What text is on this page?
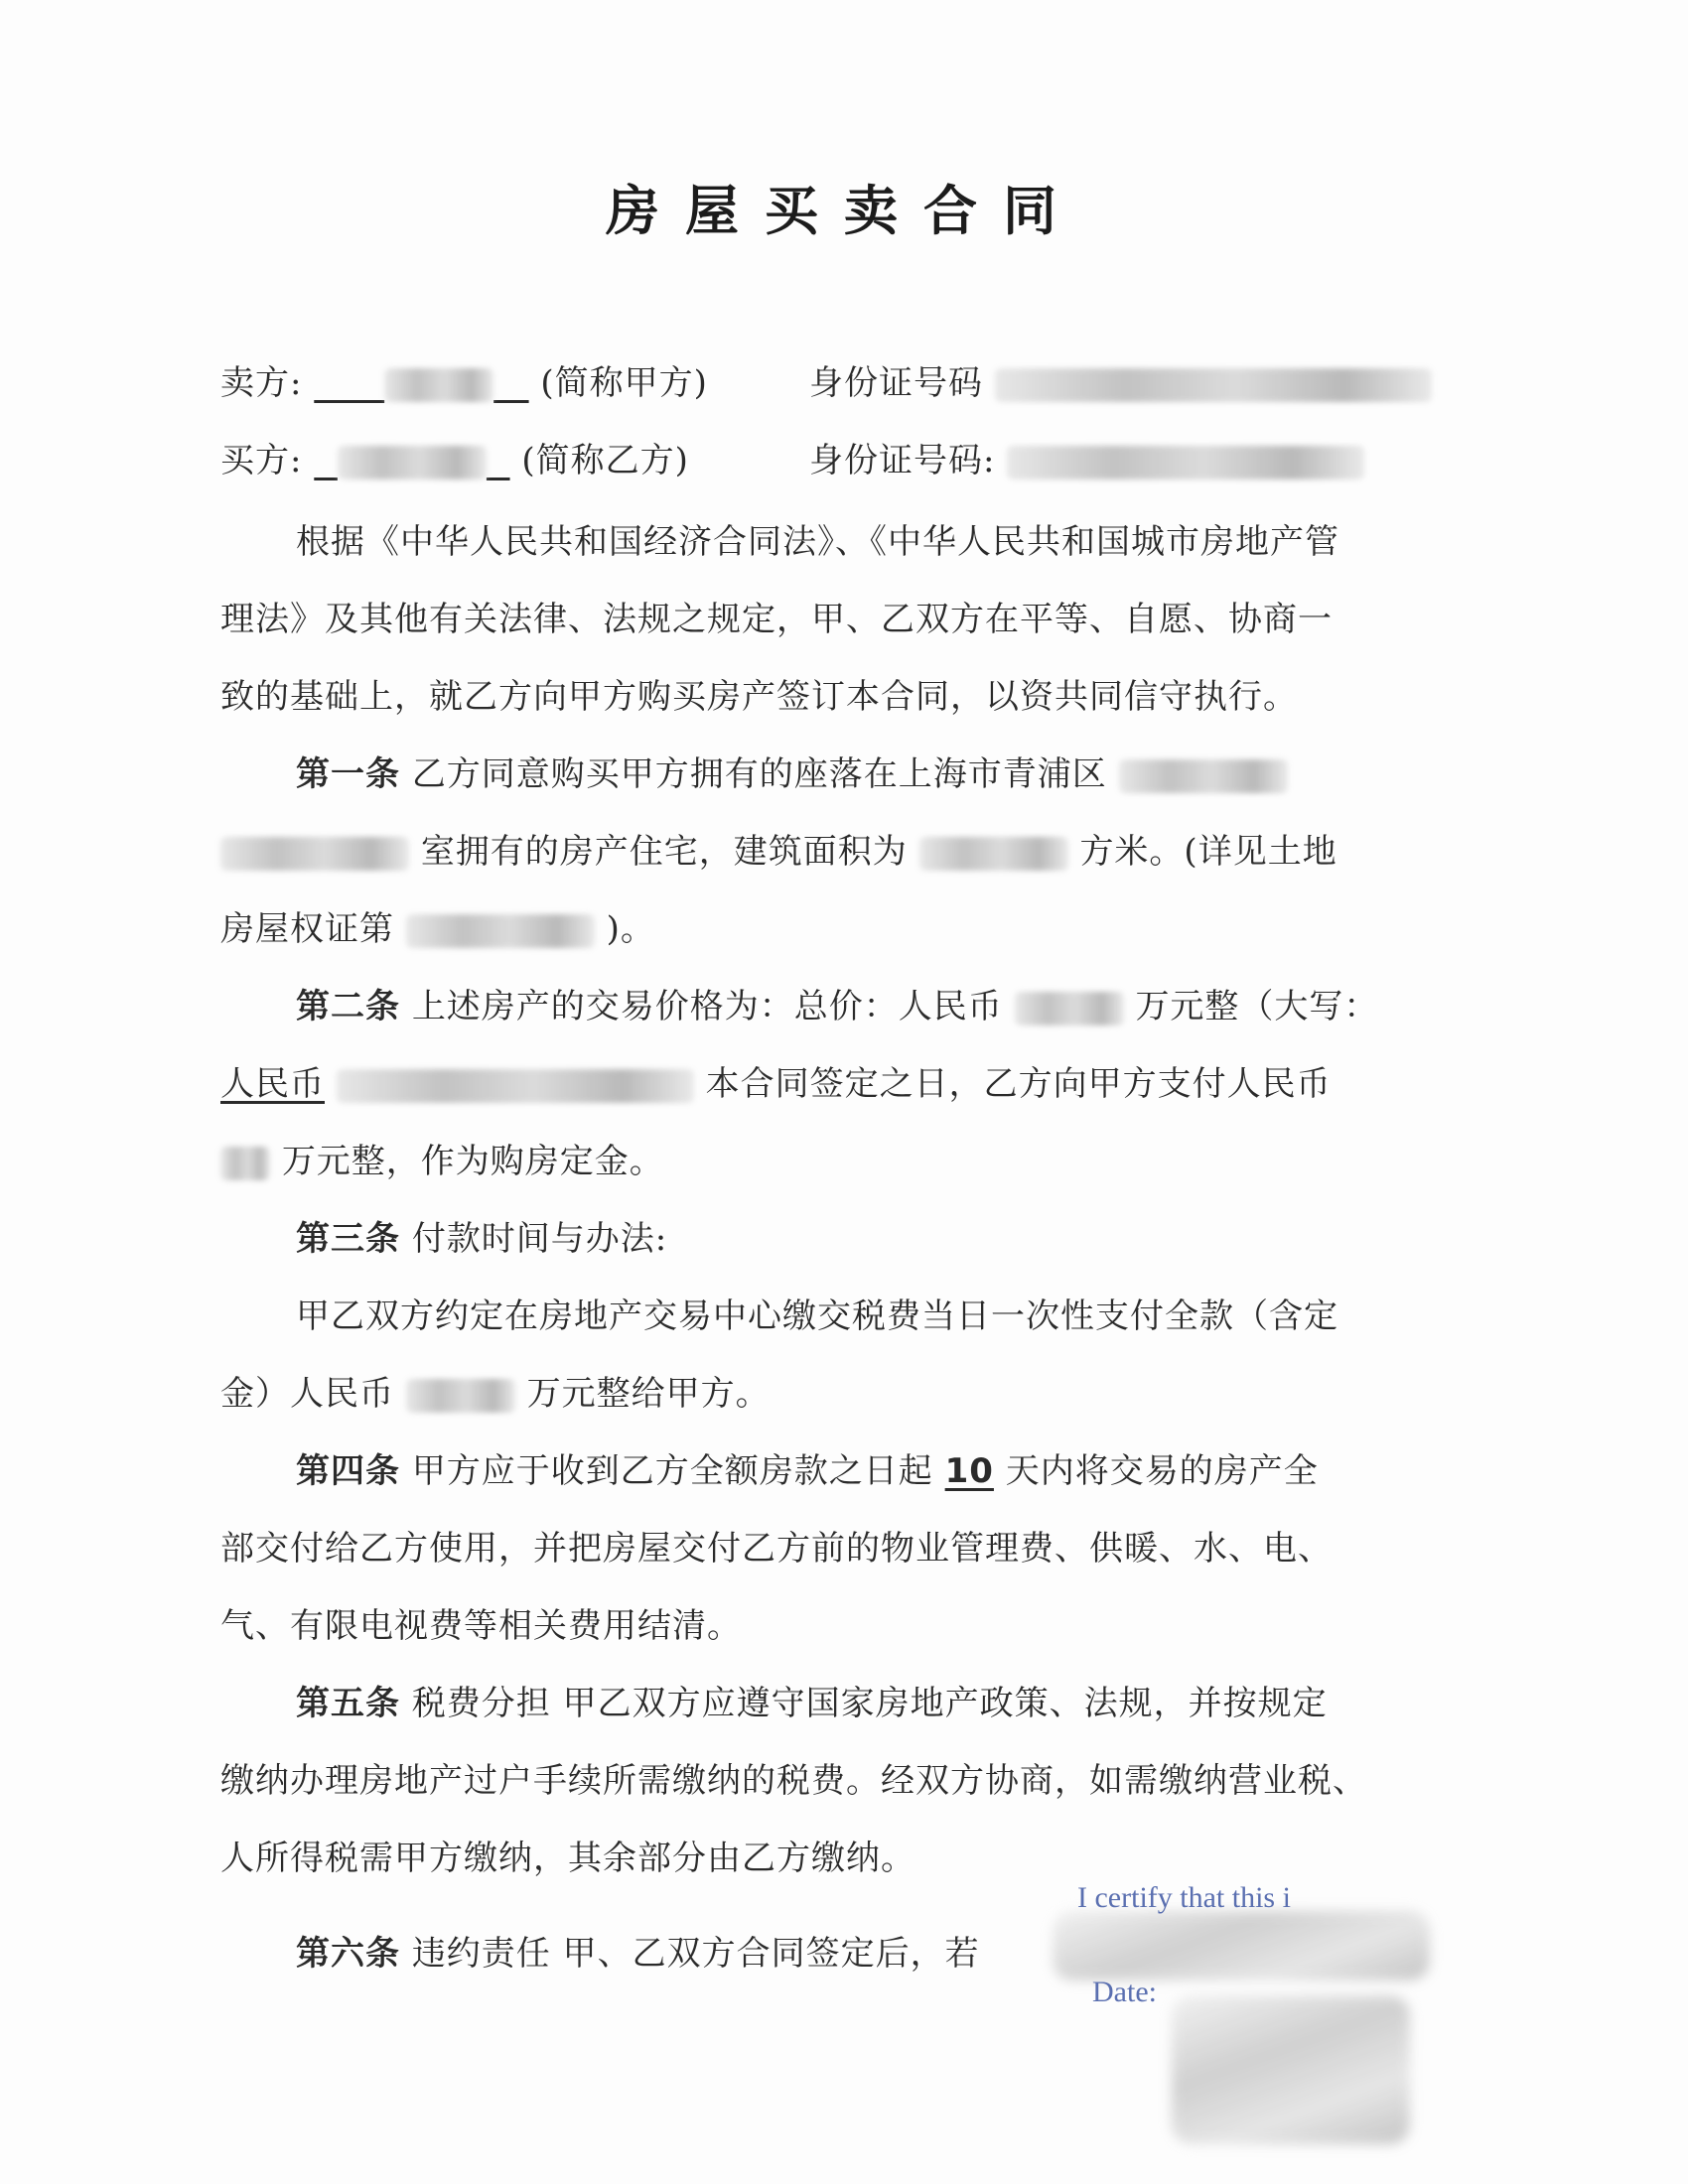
房屋买卖合同
卖方:	(简称甲方)	身份证号码
买方:	(简称乙方)	身份证号码:
根据《中华人民共和国经济合同法》、《中华人民共和国城市房地产管
理法》及其他有关法律、法规之规定，甲、乙双方在平等、自愿、协商一
致的基础上，就乙方向甲方购买房产签订本合同，以资共同信守执行。
第一条 乙方同意购买甲方拥有的座落在上海市青浦区
室拥有的房产住宅，建筑面积为	方米。(详见土地
房屋权证第	)。
第二条 上述房产的交易价格为：总价：人民币	万元整（大写：
人民币	本合同签定之日，乙方向甲方支付人民币
万元整，作为购房定金。
第三条 付款时间与办法:
甲乙双方约定在房地产交易中心缴交税费当日一次性支付全款（含定
金）人民币	万元整给甲方。
第四条 甲方应于收到乙方全额房款之日起 10 天内将交易的房产全
部交付给乙方使用，并把房屋交付乙方前的物业管理费、供暖、水、电、
气、有限电视费等相关费用结清。
第五条 税费分担 甲乙双方应遵守国家房地产政策、法规，并按规定
缴纳办理房地产过户手续所需缴纳的税费。经双方协商，如需缴纳营业税、
人所得税需甲方缴纳，其余部分由乙方缴纳。
第六条 违约责任 甲、乙双方合同签定后，若
I certify that this i
Date:
